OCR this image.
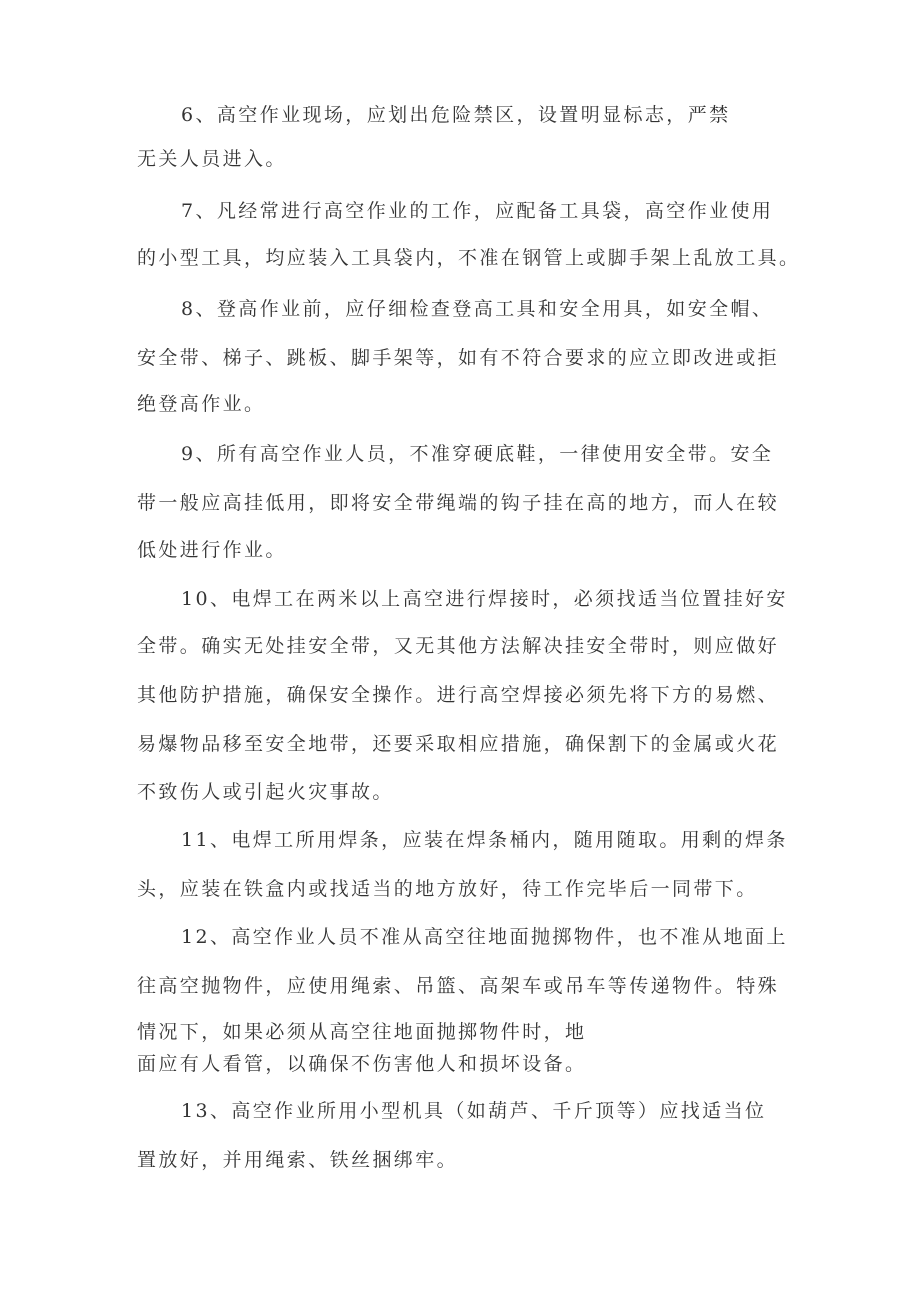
6、高空作业现场，应划出危险禁区，设置明显标志，严禁
无关人员进入。
7、凡经常进行高空作业的工作，应配备工具袋，高空作业使用
的小型工具，均应装入工具袋内，不准在钢管上或脚手架上乱放工具。
8、登高作业前，应仔细检查登高工具和安全用具，如安全帽、
安全带、梯子、跳板、脚手架等，如有不符合要求的应立即改进或拒
绝登高作业。
9、所有高空作业人员，不准穿硬底鞋，一律使用安全带。安全
带一般应高挂低用，即将安全带绳端的钩子挂在高的地方，而人在较
低处进行作业。
10、电焊工在两米以上高空进行焊接时，必须找适当位置挂好安
全带。确实无处挂安全带，又无其他方法解决挂安全带时，则应做好
其他防护措施，确保安全操作。进行高空焊接必须先将下方的易燃、
易爆物品移至安全地带，还要采取相应措施，确保割下的金属或火花
不致伤人或引起火灾事故。
11、电焊工所用焊条，应装在焊条桶内，随用随取。用剩的焊条
头，应装在铁盒内或找适当的地方放好，待工作完毕后一同带下。
12、高空作业人员不准从高空往地面抛掷物件，也不准从地面上
往高空抛物件，应使用绳索、吊篮、高架车或吊车等传递物件。特殊
情况下，如果必须从高空往地面抛掷物件时，地
面应有人看管，以确保不伤害他人和损坏设备。
13、高空作业所用小型机具（如葫芦、千斤顶等）应找适当位
置放好，并用绳索、铁丝捆绑牢。
